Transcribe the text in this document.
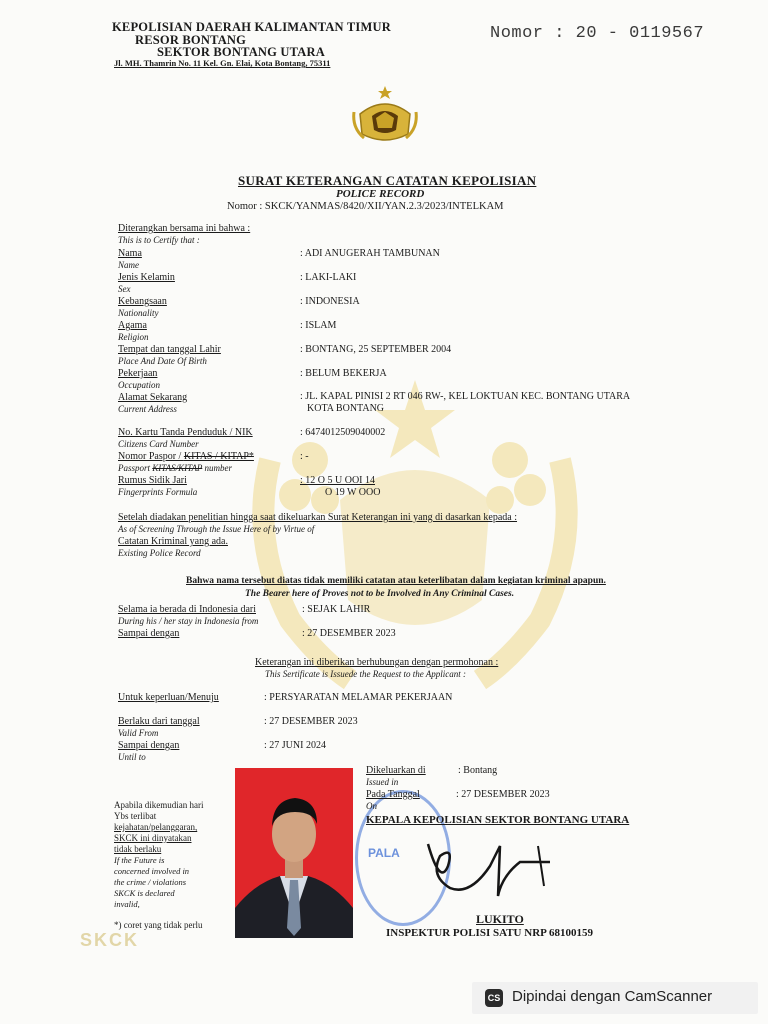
KEPOLISIAN DAERAH KALIMANTAN TIMUR
RESOR BONTANG
SEKTOR BONTANG UTARA
Jl. MH. Thamrin No. 11 Kel. Gn. Elai, Kota Bontang, 75311
Nomor : 20 - 0119567
SURAT KETERANGAN CATATAN KEPOLISIAN
POLICE RECORD
Nomor : SKCK/YANMAS/8420/XII/YAN.2.3/2023/INTELKAM
Diterangkan bersama ini bahwa :
This is to Certify that :
Nama
Name
: ADI ANUGERAH TAMBUNAN
Jenis Kelamin
Sex
: LAKI-LAKI
Kebangsaan
Nationality
: INDONESIA
Agama
Religion
: ISLAM
Tempat dan tanggal Lahir
Place And Date Of Birth
: BONTANG, 25 SEPTEMBER 2004
Pekerjaan
Occupation
: BELUM BEKERJA
Alamat Sekarang
Current Address
: JL. KAPAL PINISI 2 RT 046 RW-, KEL LOKTUAN KEC. BONTANG UTARA
KOTA BONTANG
No. Kartu Tanda Penduduk / NIK
Citizens Card Number
: 6474012509040002
Nomor Paspor / KITAS / KITAP*
Passport KITAS/KITAP number
: -
Rumus Sidik Jari
Fingerprints Formula
: 12 O 5 U OOI 14
O 19 W OOO
Setelah diadakan penelitian hingga saat dikeluarkan Surat Keterangan ini yang di dasarkan kepada :
As of Screening Through the Issue Here of by Virtue of
Catatan Kriminal yang ada.
Existing Police Record
Bahwa nama tersebut diatas tidak memiliki catatan atau keterlibatan dalam kegiatan kriminal apapun.
The Bearer here of Proves not to be Involved in Any Criminal Cases.
Selama ia berada di Indonesia dari
During his / her stay in Indonesia from
: SEJAK LAHIR
Sampai dengan	: 27 DESEMBER 2023
Keterangan ini diberikan berhubungan dengan permohonan :
This Sertificate is Issuede the Request to the Applicant :
Untuk keperluan/Menuju	: PERSYARATAN MELAMAR PEKERJAAN
Berlaku dari tanggal
Valid From
: 27 DESEMBER 2023
Sampai dengan
Until to
: 27 JUNI 2024
Apabila dikemudian hari
Ybs terlibat
kejahatan/pelanggaran,
SKCK ini dinyatakan
tidak berlaku
If the Future is
concerned involved in
the crime / violations
SKCK is declared
invalid,
*) coret yang tidak perlu
SKCK
PALA
Dikeluarkan di
Issued in
: Bontang
Pada Tanggal
On
: 27 DESEMBER 2023
KEPALA KEPOLISIAN SEKTOR BONTANG UTARA
LUKITO
INSPEKTUR POLISI SATU NRP 68100159
CS Dipindai dengan CamScanner
